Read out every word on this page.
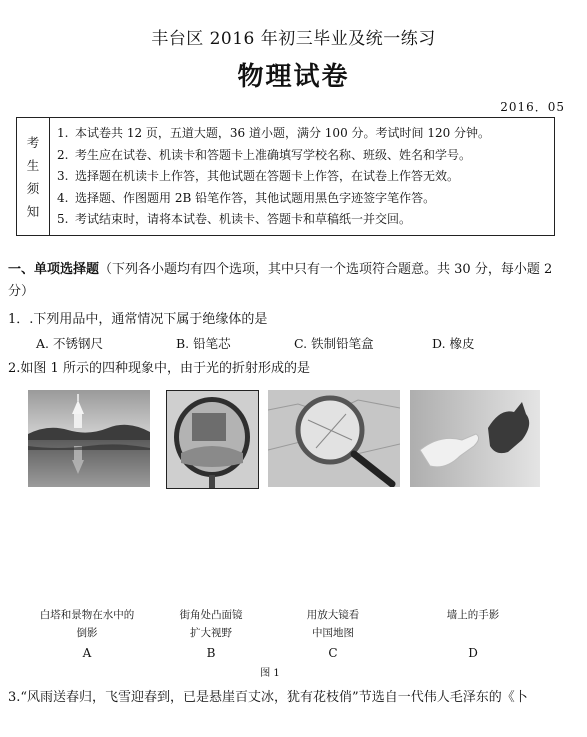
丰台区 2016 年初三毕业及统一练习
物理试卷
2016．05
考
生
须
知
1. 本试卷共 12 页，五道大题，36 道小题，满分 100 分。考试时间 120 分钟。
2. 考生应在试卷、机读卡和答题卡上准确填写学校名称、班级、姓名和学号。
3. 选择题在机读卡上作答，其他试题在答题卡上作答，在试卷上作答无效。
4. 选择题、作图题用 2B 铅笔作答，其他试题用黑色字迹签字笔作答。
5. 考试结束时，请将本试卷、机读卡、答题卡和草稿纸一并交回。
一、单项选择题（下列各小题均有四个选项，其中只有一个选项符合题意。共 30 分，每小题 2 分）
1．.下列用品中，通常情况下属于绝缘体的是
A. 不锈钢尺	B. 铅笔芯	C. 铁制铅笔盒	D. 橡皮
2.如图 1 所示的四种现象中，由于光的折射形成的是
白塔和景物在水中的
倒影
街角处凸面镜
扩大视野
用放大镜看
中国地图
墙上的手影
A	B	C	D
图 1
3.“风雨送春归，飞雪迎春到，已是悬崖百丈冰，犹有花枝俏”节选自一代伟人毛泽东的《卜
